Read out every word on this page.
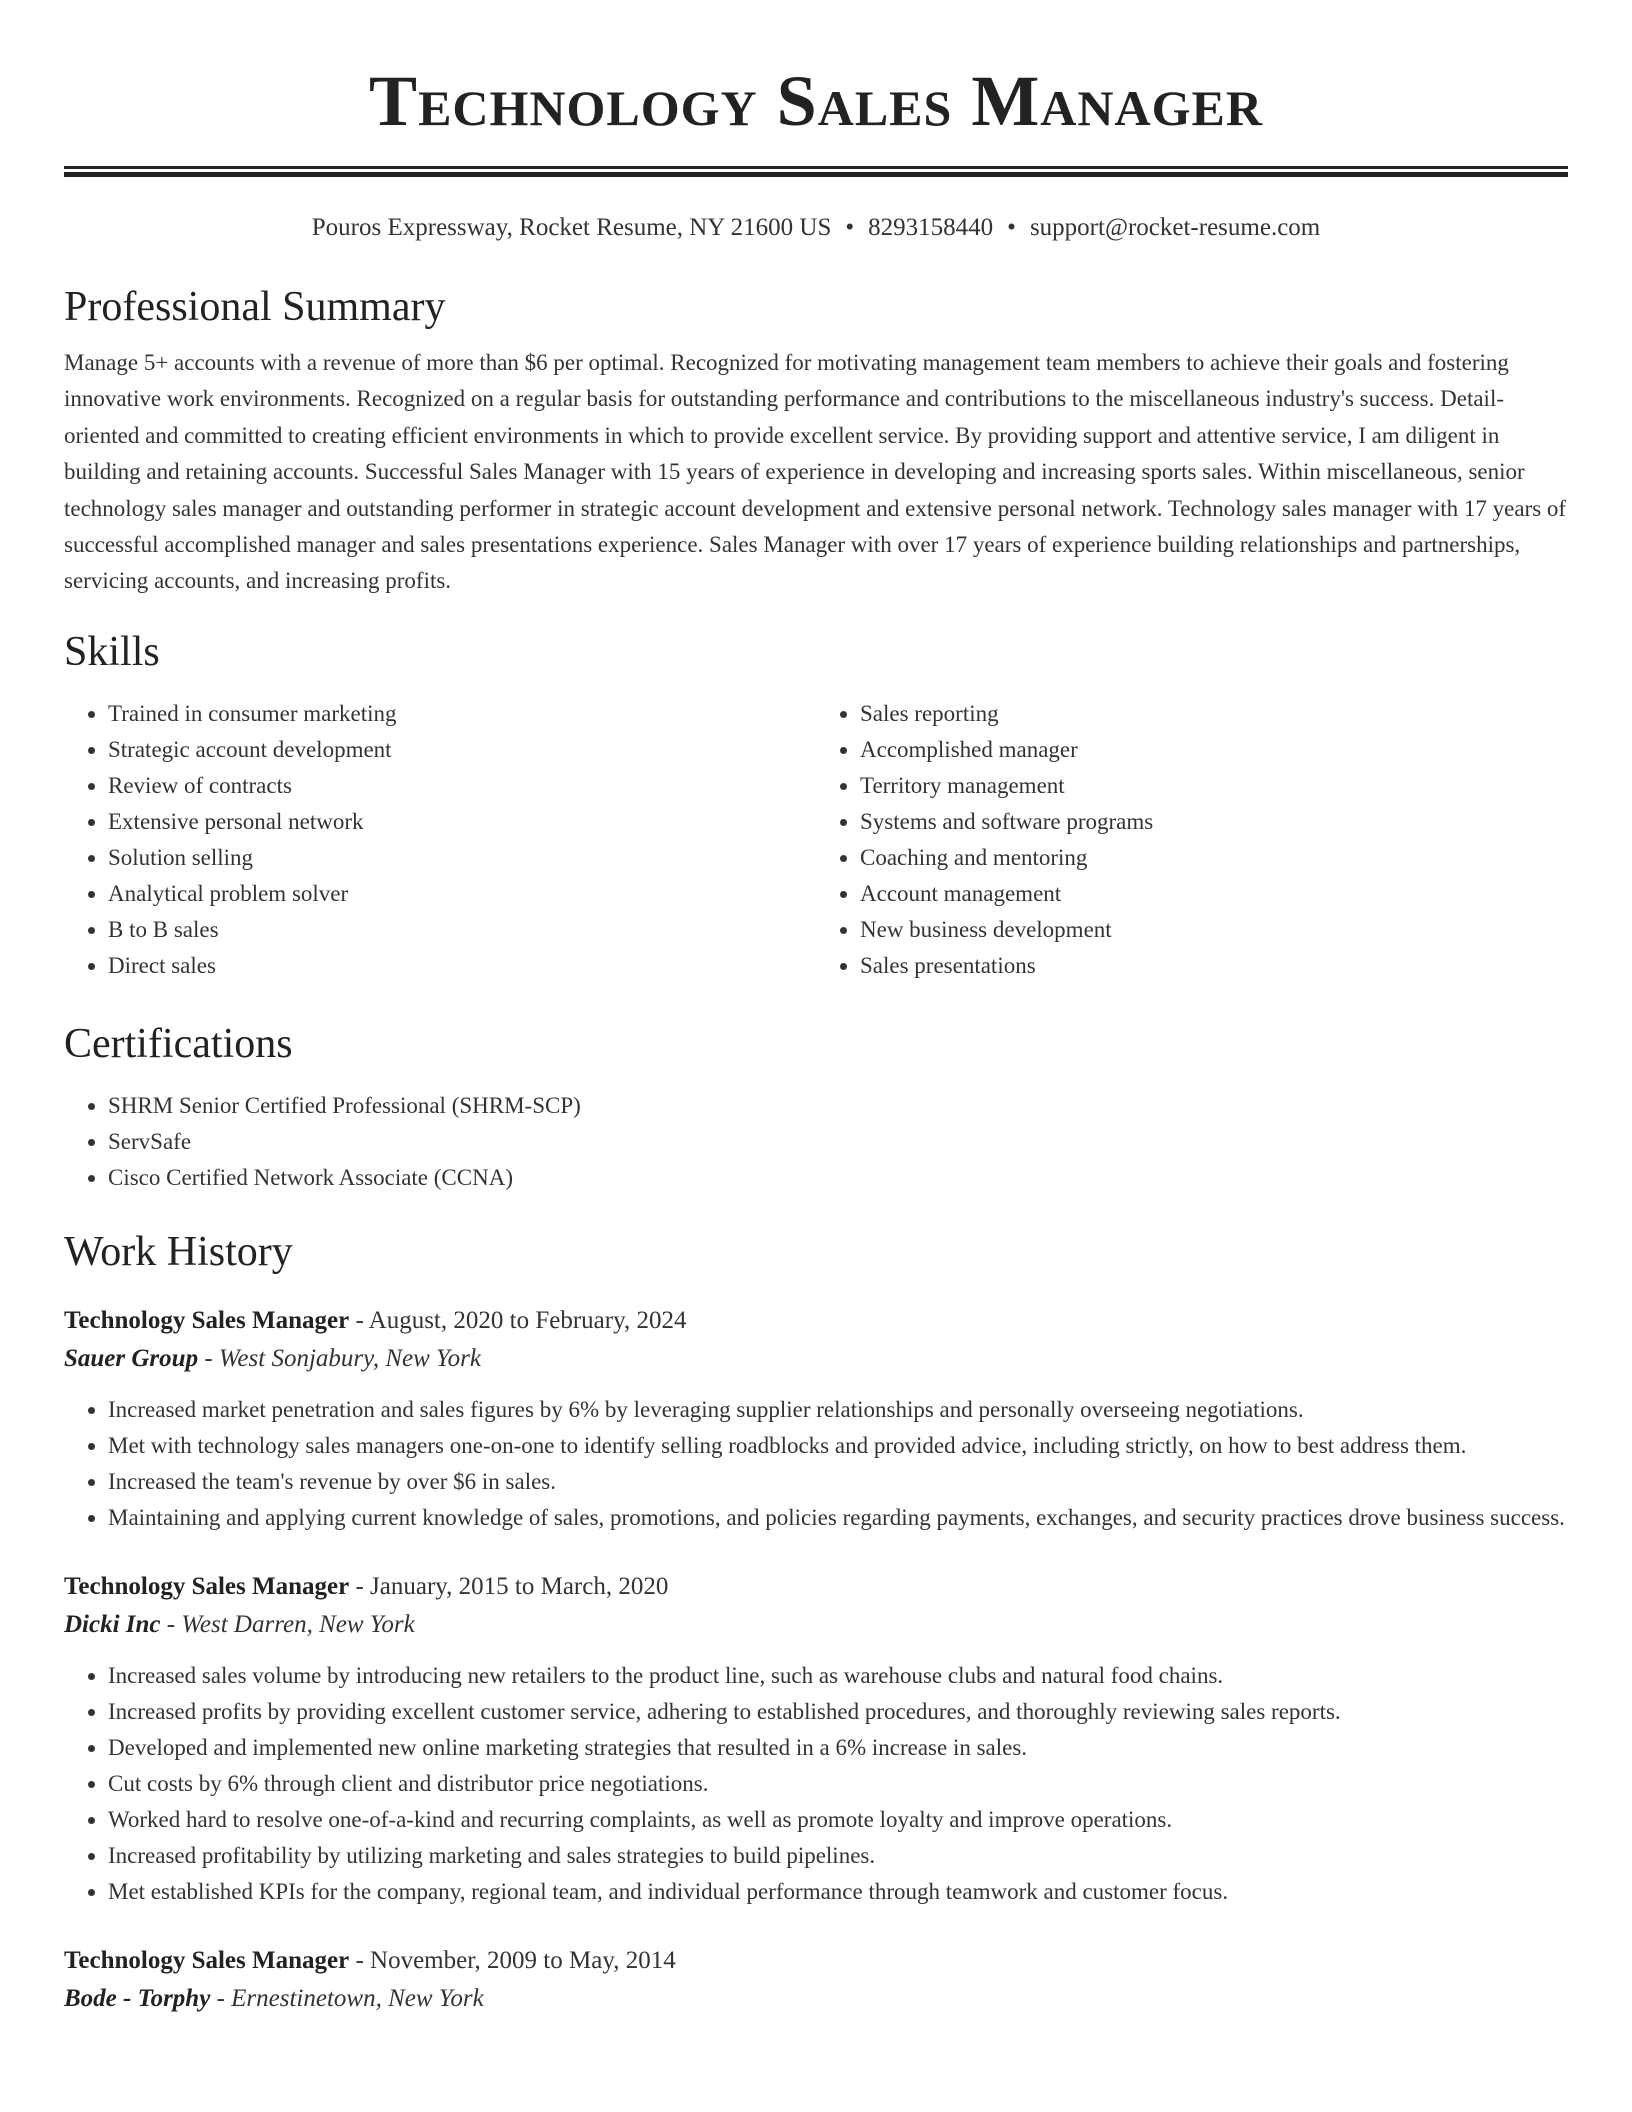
Technology Sales Manager
Pouros Expressway, Rocket Resume, NY 21600 US • 8293158440 • support@rocket-resume.com
Professional Summary

Manage 5+ accounts with a revenue of more than $6 per optimal. Recognized for motivating management team members to achieve their goals and fostering innovative work environments. Recognized on a regular basis for outstanding performance and contributions to the miscellaneous industry's success. Detail-oriented and committed to creating efficient environments in which to provide excellent service. By providing support and attentive service, I am diligent in building and retaining accounts. Successful Sales Manager with 15 years of experience in developing and increasing sports sales. Within miscellaneous, senior technology sales manager and outstanding performer in strategic account development and extensive personal network. Technology sales manager with 17 years of successful accomplished manager and sales presentations experience. Sales Manager with over 17 years of experience building relationships and partnerships, servicing accounts, and increasing profits.

Skills
• Trained in consumer marketing
• Strategic account development
• Review of contracts
• Extensive personal network
• Solution selling
• Analytical problem solver
• B to B sales
• Direct sales
• Sales reporting
• Accomplished manager
• Territory management
• Systems and software programs
• Coaching and mentoring
• Account management
• New business development
• Sales presentations
Certifications
• SHRM Senior Certified Professional (SHRM-SCP)
• ServSafe
• Cisco Certified Network Associate (CCNA)
Work History
Technology Sales Manager - August, 2020 to February, 2024
Sauer Group - West Sonjabury, New York
• Increased market penetration and sales figures by 6% by leveraging supplier relationships and personally overseeing negotiations.
• Met with technology sales managers one-on-one to identify selling roadblocks and provided advice, including strictly, on how to best address them.
• Increased the team's revenue by over $6 in sales.
• Maintaining and applying current knowledge of sales, promotions, and policies regarding payments, exchanges, and security practices drove business success.
Technology Sales Manager - January, 2015 to March, 2020
Dicki Inc - West Darren, New York
• Increased sales volume by introducing new retailers to the product line, such as warehouse clubs and natural food chains.
• Increased profits by providing excellent customer service, adhering to established procedures, and thoroughly reviewing sales reports.
• Developed and implemented new online marketing strategies that resulted in a 6% increase in sales.
• Cut costs by 6% through client and distributor price negotiations.
• Worked hard to resolve one-of-a-kind and recurring complaints, as well as promote loyalty and improve operations.
• Increased profitability by utilizing marketing and sales strategies to build pipelines.
• Met established KPIs for the company, regional team, and individual performance through teamwork and customer focus.
Technology Sales Manager - November, 2009 to May, 2014
Bode - Torphy - Ernestinetown, New York
